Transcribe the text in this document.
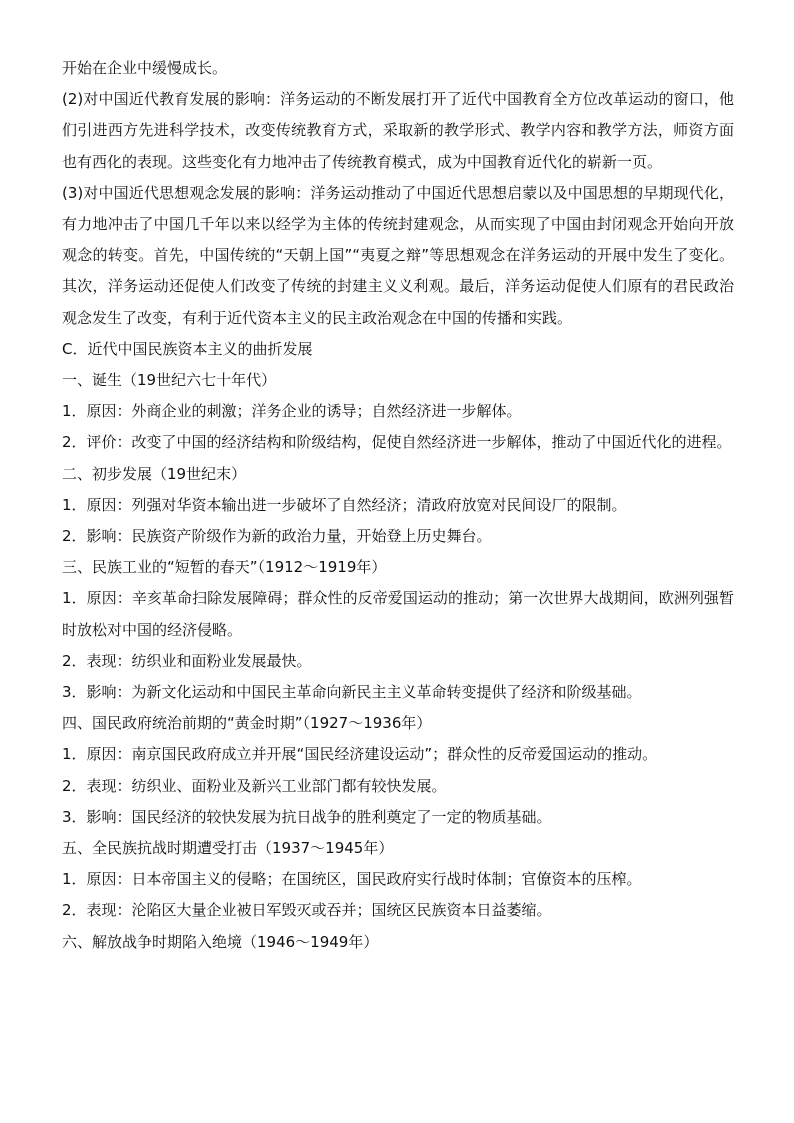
开始在企业中缓慢成长。

(2)对中国近代教育发展的影响：洋务运动的不断发展打开了近代中国教育全方位改革运动的窗口，他们引进西方先进科学技术，改变传统教育方式，采取新的教学形式、教学内容和教学方法，师资方面也有西化的表现。这些变化有力地冲击了传统教育模式，成为中国教育近代化的崭新一页。

(3)对中国近代思想观念发展的影响：洋务运动推动了中国近代思想启蒙以及中国思想的早期现代化，有力地冲击了中国几千年以来以经学为主体的传统封建观念，从而实现了中国由封闭观念开始向开放观念的转变。首先，中国传统的“天朝上国”“夷夏之辩”等思想观念在洋务运动的开展中发生了变化。其次，洋务运动还促使人们改变了传统的封建主义义利观。最后，洋务运动促使人们原有的君民政治观念发生了改变，有利于近代资本主义的民主政治观念在中国的传播和实践。

C．近代中国民族资本主义的曲折发展

一、诞生（19世纪六七十年代）

1．原因：外商企业的刺激；洋务企业的诱导；自然经济进一步解体。

2．评价：改变了中国的经济结构和阶级结构，促使自然经济进一步解体，推动了中国近代化的进程。

二、初步发展（19世纪末）

1．原因：列强对华资本输出进一步破坏了自然经济；清政府放宽对民间设厂的限制。

2．影响：民族资产阶级作为新的政治力量，开始登上历史舞台。

三、民族工业的“短暂的春天”（1912～1919年）

1．原因：辛亥革命扫除发展障碍；群众性的反帝爱国运动的推动；第一次世界大战期间，欧洲列强暂时放松对中国的经济侵略。

2．表现：纺织业和面粉业发展最快。

3．影响：为新文化运动和中国民主革命向新民主主义革命转变提供了经济和阶级基础。

四、国民政府统治前期的“黄金时期”（1927～1936年）

1．原因：南京国民政府成立并开展“国民经济建设运动”；群众性的反帝爱国运动的推动。

2．表现：纺织业、面粉业及新兴工业部门都有较快发展。

3．影响：国民经济的较快发展为抗日战争的胜利奠定了一定的物质基础。

五、全民族抗战时期遭受打击（1937～1945年）

1．原因：日本帝国主义的侵略；在国统区，国民政府实行战时体制；官僚资本的压榨。

2．表现：沦陷区大量企业被日军毁灭或吞并；国统区民族资本日益萎缩。

六、解放战争时期陷入绝境（1946～1949年）
